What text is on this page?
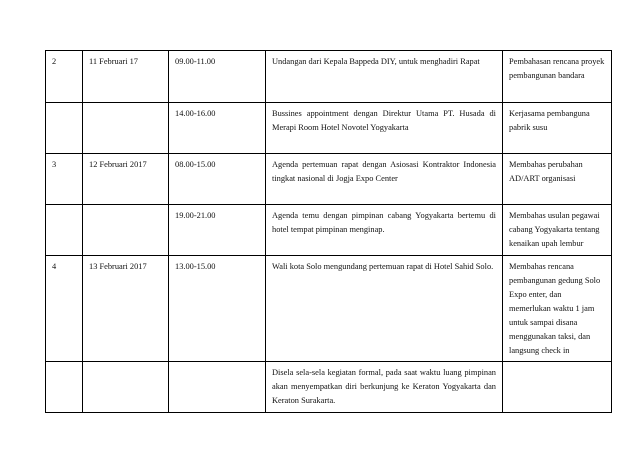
2	11 Februari 17	09.00-11.00	Undangan dari Kepala Bappeda DIY, untuk menghadiri Rapat	Pembahasan rencana proyek pembangunan bandara
		14.00-16.00	Bussines appointment dengan Direktur Utama PT. Husada di Merapi Room Hotel Novotel Yogyakarta	Kerjasama pembanguna pabrik susu
3	12 Februari 2017	08.00-15.00	Agenda pertemuan rapat dengan Asiosasi Kontraktor Indonesia tingkat nasional di Jogja Expo Center	Membahas perubahan AD/ART organisasi
		19.00-21.00	Agenda temu dengan pimpinan cabang Yogyakarta bertemu di hotel tempat pimpinan menginap.	Membahas usulan pegawai cabang Yogyakarta tentang kenaikan upah lembur
4	13 Februari 2017	13.00-15.00	Wali kota Solo mengundang pertemuan rapat di Hotel Sahid Solo.	Membahas rencana pembangunan gedung Solo Expo enter, dan memerlukan waktu 1 jam untuk sampai disana menggunakan taksi, dan langsung check in
			Disela sela-sela kegiatan formal, pada saat waktu luang pimpinan akan menyempatkan diri berkunjung ke Keraton Yogyakarta dan Keraton Surakarta.	
